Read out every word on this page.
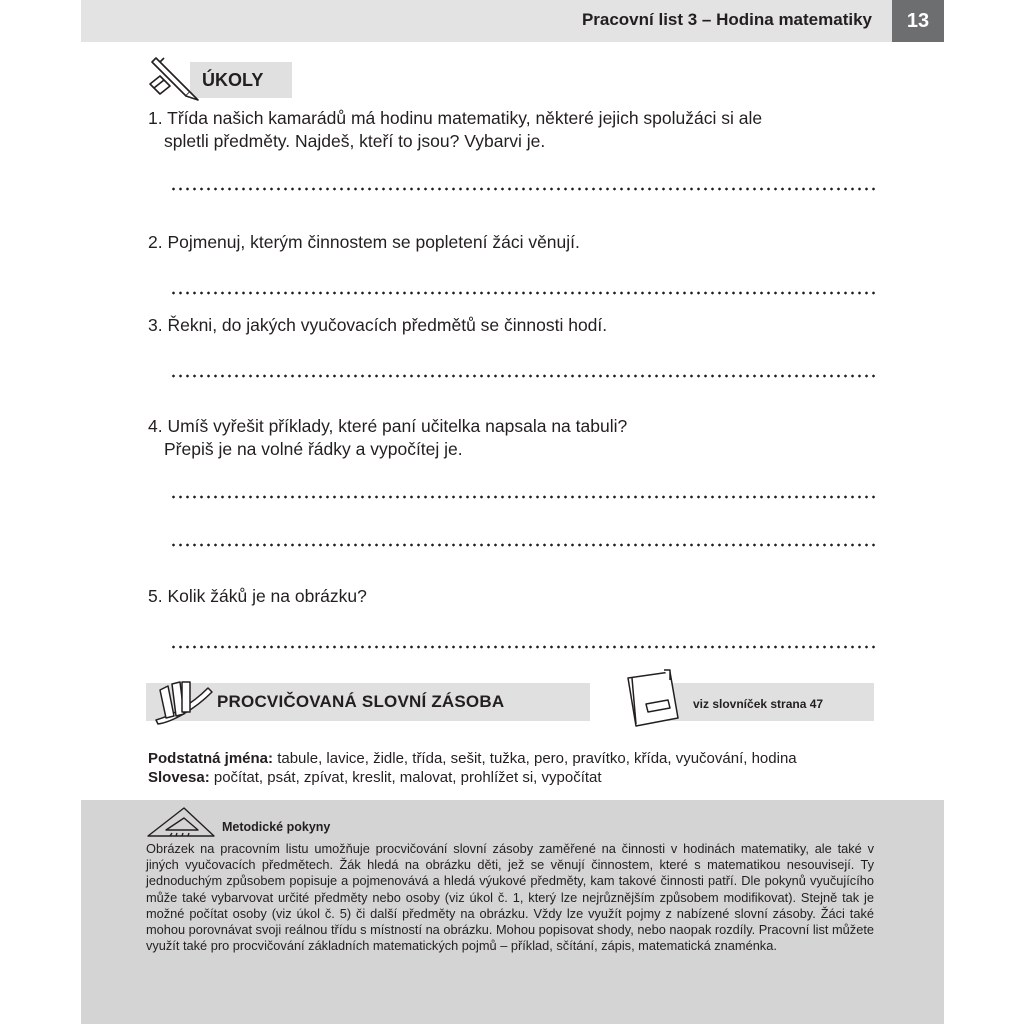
Pracovní list 3 – Hodina matematiky	13
ÚKOLY
1. Třída našich kamarádů má hodinu matematiky, některé jejich spolužáci si ale
spletli předměty. Najdeš, kteří to jsou? Vybarvi je.
2. Pojmenuj, kterým činnostem se popletení žáci věnují.
3. Řekni, do jakých vyučovacích předmětů se činnosti hodí.
4. Umíš vyřešit příklady, které paní učitelka napsala na tabuli?
Přepiš je na volné řádky a vypočítej je.
5. Kolik žáků je na obrázku?
PROCVIČOVANÁ SLOVNÍ ZÁSOBA	viz slovníček strana 47
Podstatná jména: tabule, lavice, židle, třída, sešit, tužka, pero, pravítko, křída, vyučování, hodina
Slovesa: počítat, psát, zpívat, kreslit, malovat, prohlížet si, vypočítat
Metodické pokyny
Obrázek na pracovním listu umožňuje procvičování slovní zásoby zaměřené na činnosti v hodinách matematiky, ale také v jiných vyučovacích předmětech. Žák hledá na obrázku děti, jež se věnují činnostem, které s matematikou nesouvisejí. Ty jednoduchým způsobem popisuje a pojmenovává a hledá výukové předměty, kam takové činnosti patří. Dle pokynů vyučujícího může také vybarvovat určité předměty nebo osoby (viz úkol č. 1, který lze nejrůznějším způsobem modifikovat). Stejně tak je možné počítat osoby (viz úkol č. 5) či další předměty na obrázku. Vždy lze využít pojmy z nabízené slovní zásoby. Žáci také mohou porovnávat svoji reálnou třídu s místností na obrázku. Mohou popisovat shody, nebo naopak rozdíly. Pracovní list můžete využít také pro procvičování základních matematických pojmů – příklad, sčítání, zápis, matematická znaménka.
